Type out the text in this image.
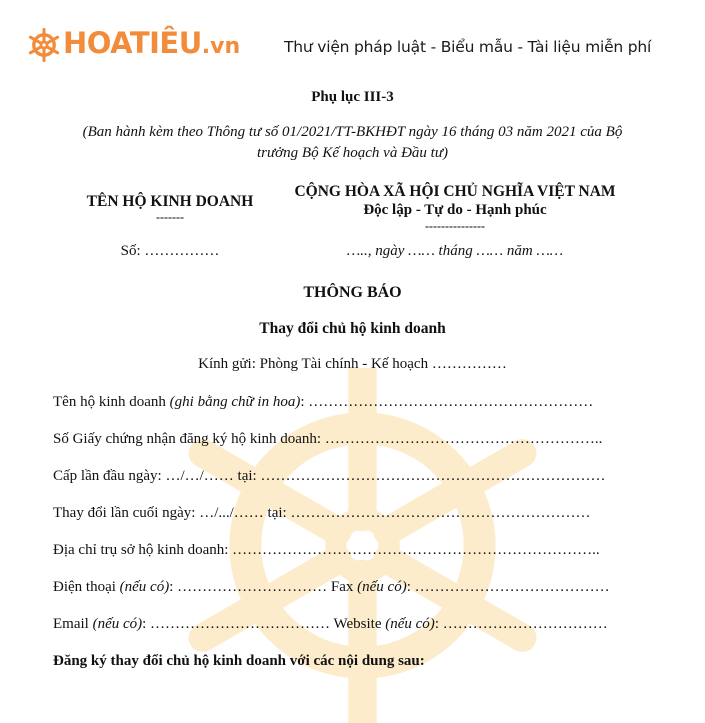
HOATIÊU.vn	Thư viện pháp luật - Biểu mẫu - Tài liệu miễn phí
Phụ lục III-3
(Ban hành kèm theo Thông tư số 01/2021/TT-BKHĐT ngày 16 tháng 03 năm 2021 của Bộ
trưởng Bộ Kế hoạch và Đầu tư)
TÊN HỘ KINH DOANH
-------
Số: ……………
CỘNG HÒA XÃ HỘI CHỦ NGHĨA VIỆT NAM
Độc lập - Tự do - Hạnh phúc
---------------
….., ngày …… tháng …… năm ……
THÔNG BÁO
Thay đổi chủ hộ kinh doanh
Kính gửi: Phòng Tài chính - Kế hoạch ……………
Tên hộ kinh doanh (ghi bằng chữ in hoa): …………………………………………………
Số Giấy chứng nhận đăng ký hộ kinh doanh: ………………………………………………..
Cấp lần đầu ngày: …/…/…… tại: ……………………………………………………………
Thay đổi lần cuối ngày: …/.../…… tại: ……………………………………………………
Địa chỉ trụ sở hộ kinh doanh: ………………………………………………………………..
Điện thoại (nếu có): ………………………… Fax (nếu có): …………………………………
Email (nếu có): ……………………………… Website (nếu có): ……………………………
Đăng ký thay đổi chủ hộ kinh doanh với các nội dung sau:
